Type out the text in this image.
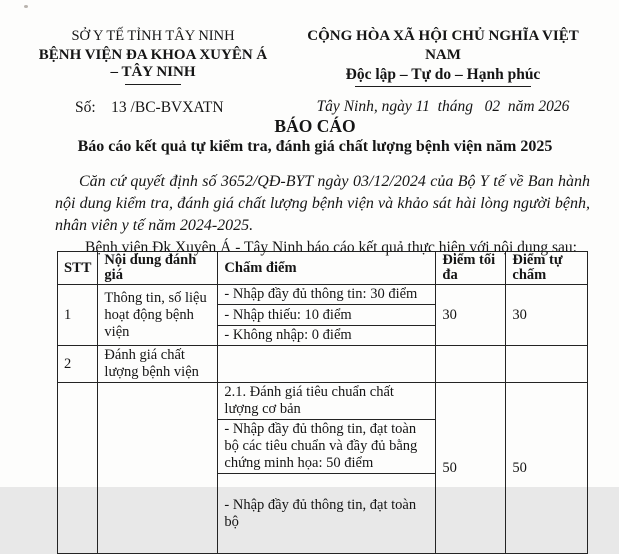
SỞ Y TẾ TỈNH TÂY NINH
BỆNH VIỆN ĐA KHOA XUYÊN Á
– TÂY NINH
CỘNG HÒA XÃ HỘI CHỦ NGHĨA VIỆT NAM
Độc lập – Tự do – Hạnh phúc
Tây Ninh, ngày 11  tháng   02  năm 2026
Số:    13 /BC-BVXATN
BÁO CÁO
Báo cáo kết quả tự kiểm tra, đánh giá chất lượng bệnh viện năm 2025

Căn cứ quyết định số 3652/QĐ-BYT ngày 03/12/2024 của Bộ Y tế về Ban hành nội dung kiểm tra, đánh giá chất lượng bệnh viện và khảo sát hài lòng người bệnh, nhân viên y tế năm 2024-2025.

Bệnh viện Đk Xuyên Á - Tây Ninh báo cáo kết quả thực hiện với nội dung sau:

STT	Nội dung đánh giá	Chấm điểm	Điểm tối đa	Điểm tự chấm
1	Thông tin, số liệu hoạt động bệnh viện	- Nhập đầy đủ thông tin: 30 điểm	30	30
		- Nhập thiếu: 10 điểm		
		- Không nhập: 0 điểm		
2	Đánh giá chất lượng bệnh viện			
		2.1. Đánh giá tiêu chuẩn chất lượng cơ bản	50	50
		- Nhập đầy đủ thông tin, đạt toàn bộ các tiêu chuẩn và đầy đủ bằng chứng minh họa: 50 điểm		
		- Nhập đầy đủ thông tin, đạt toàn bộ		
